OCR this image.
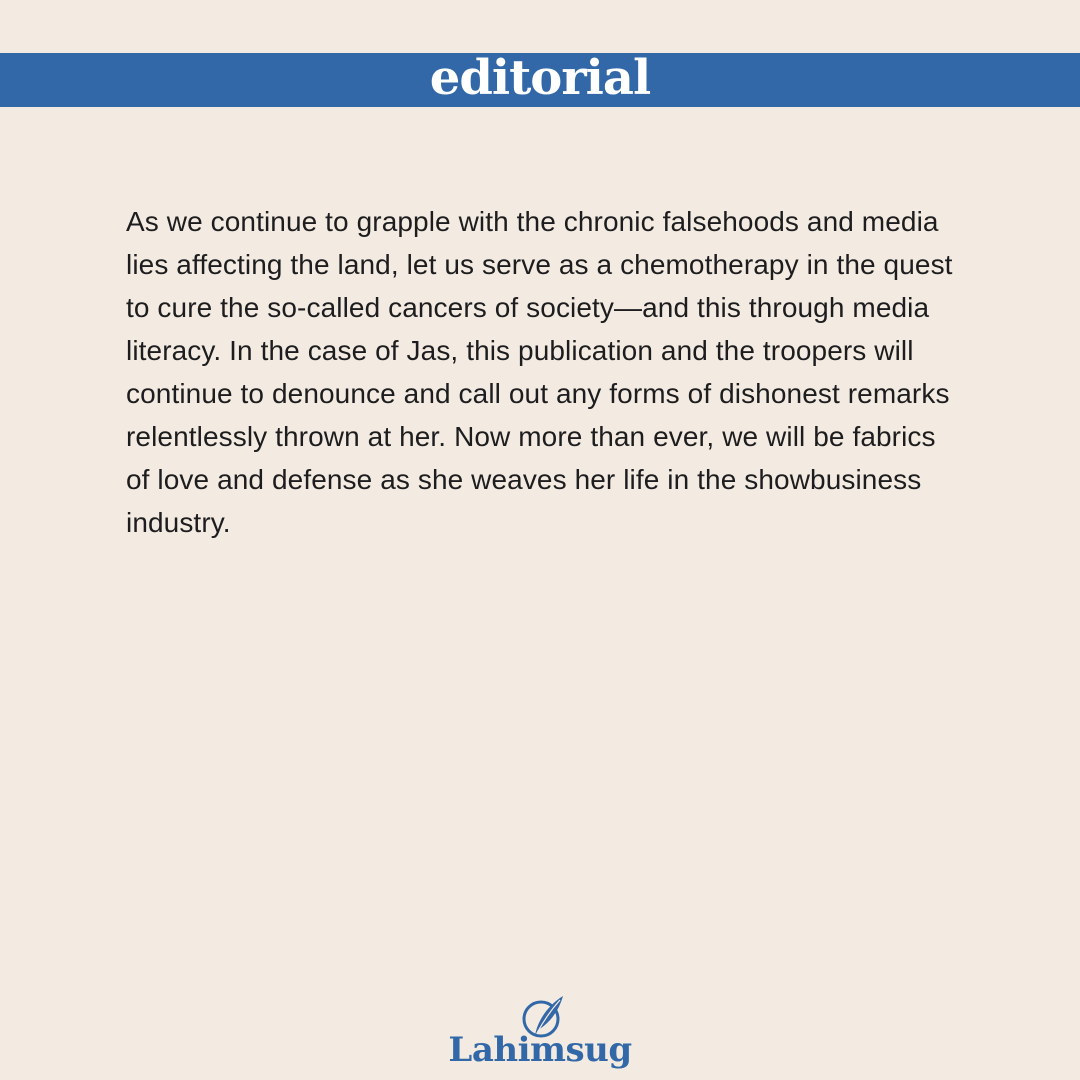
editorial

As we continue to grapple with the chronic falsehoods and media lies affecting the land, let us serve as a chemotherapy in the quest to cure the so-called cancers of society—and this through media literacy. In the case of Jas, this publication and the troopers will continue to denounce and call out any forms of dishonest remarks relentlessly thrown at her. Now more than ever, we will be fabrics of love and defense as she weaves her life in the showbusiness industry.

Lahimsug
